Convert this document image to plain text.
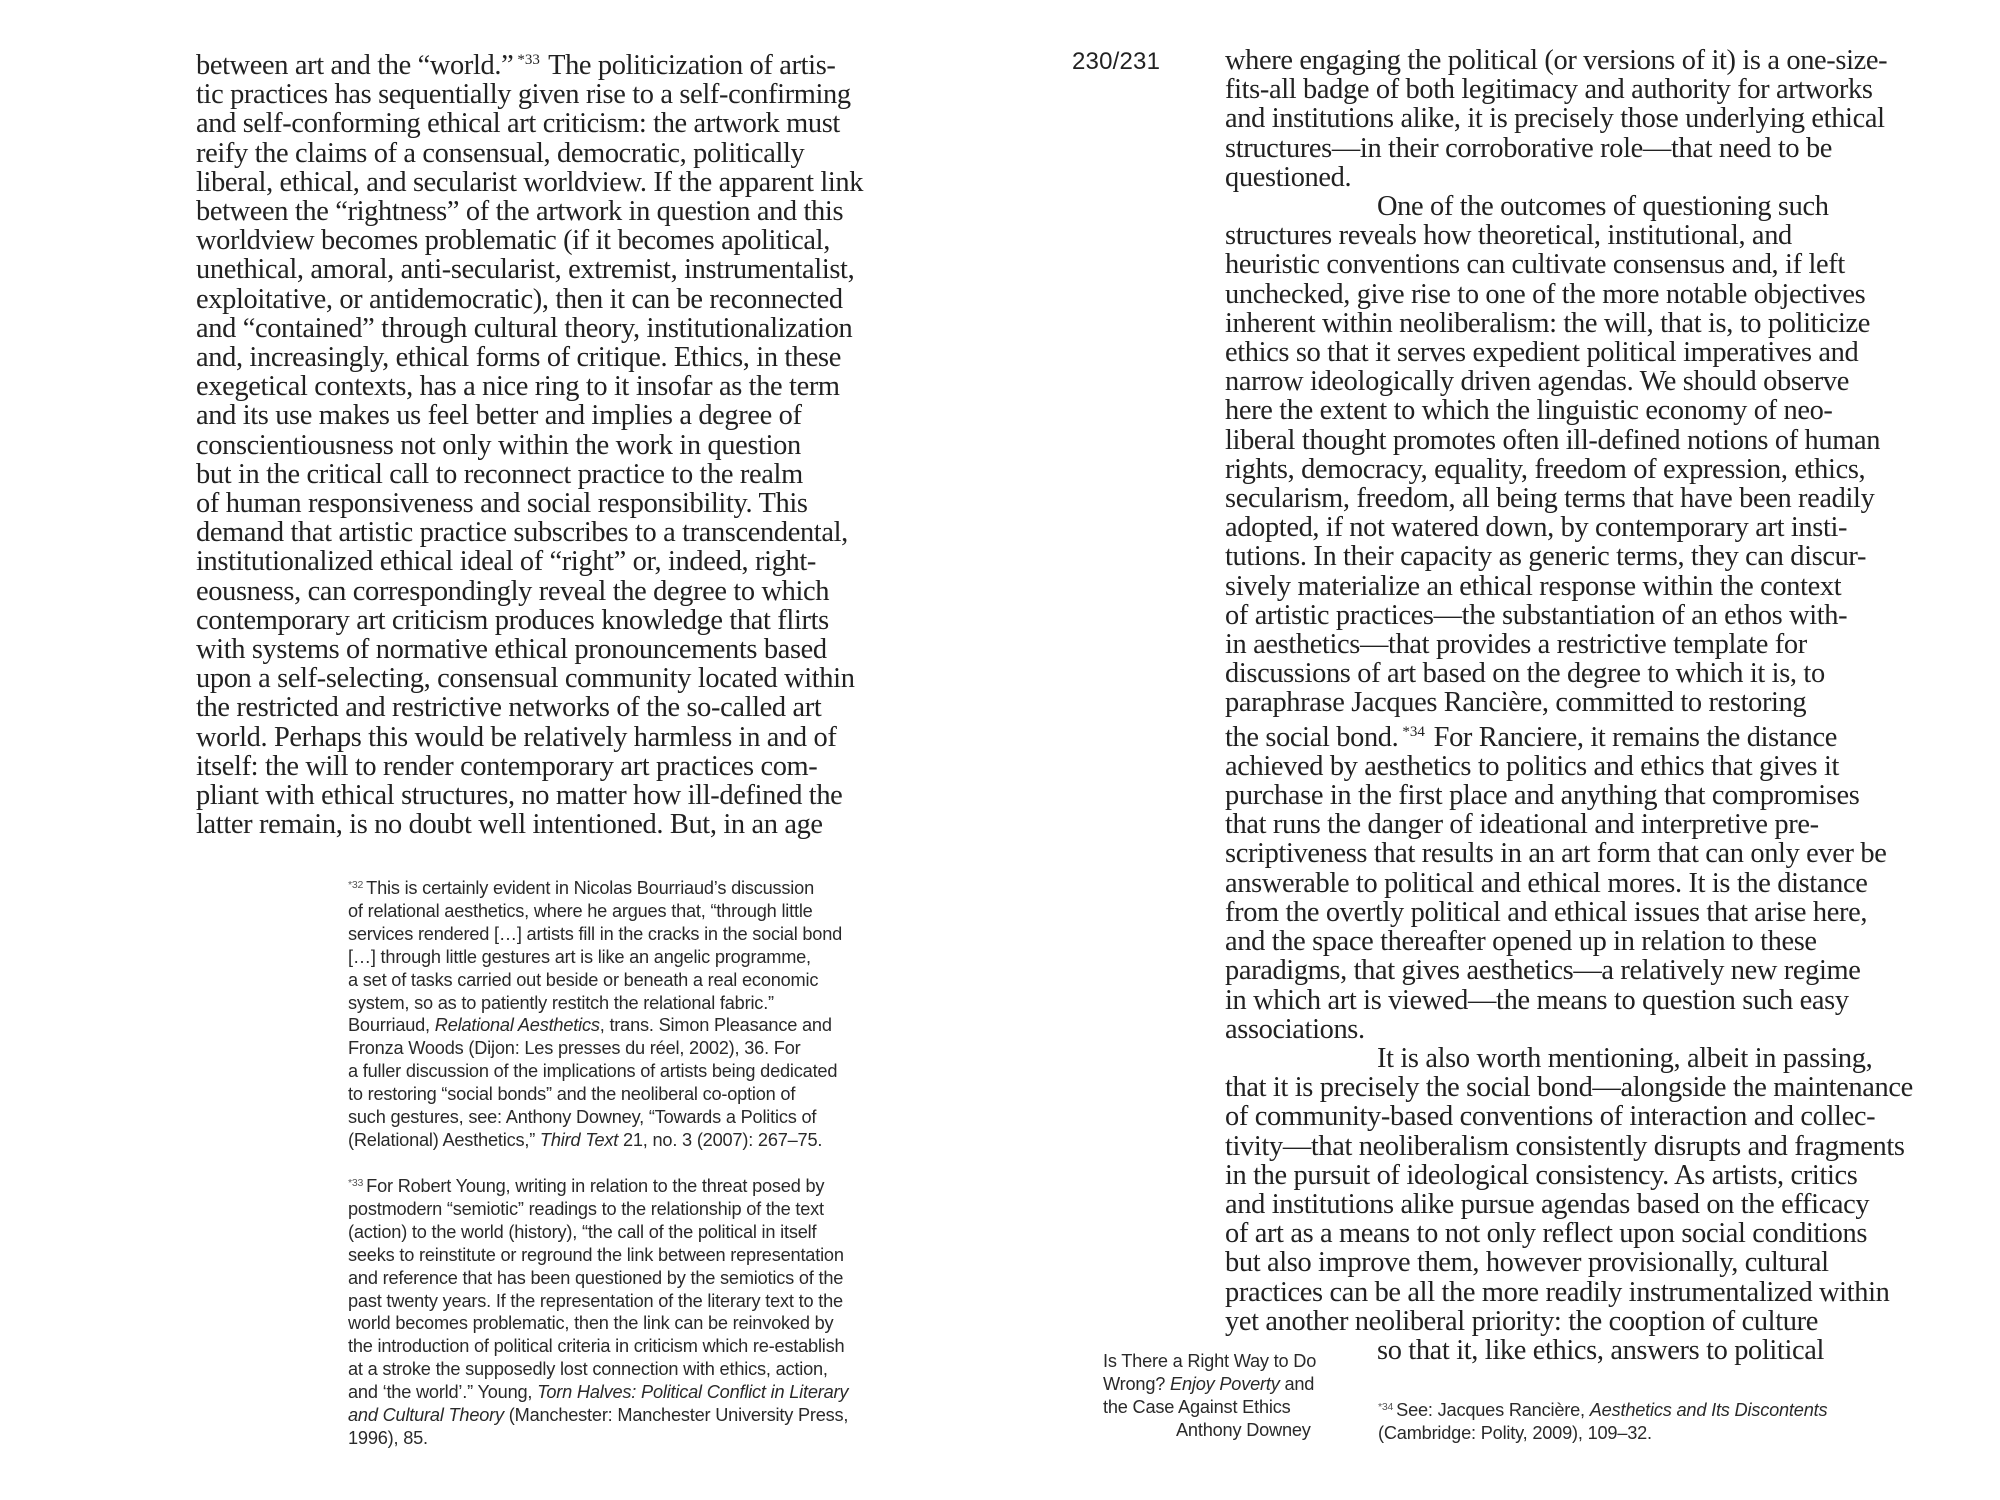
between art and the “world.” $^{*33}$ The politicization of artis-
tic practices has sequentially given rise to a self-confirming
and self-conforming ethical art criticism: the artwork must
reify the claims of a consensual, democratic, politically
liberal, ethical, and secularist worldview. If the apparent link
between the “rightness” of the artwork in question and this
worldview becomes problematic (if it becomes apolitical,
unethical, amoral, anti-secularist, extremist, instrumentalist,
exploitative, or antidemocratic), then it can be reconnected
and “contained” through cultural theory, institutionalization
and, increasingly, ethical forms of critique. Ethics, in these
exegetical contexts, has a nice ring to it insofar as the term
and its use makes us feel better and implies a degree of
conscientiousness not only within the work in question
but in the critical call to reconnect practice to the realm
of human responsiveness and social responsibility. This
demand that artistic practice subscribes to a transcendental,
institutionalized ethical ideal of “right” or, indeed, right-
eousness, can correspondingly reveal the degree to which
contemporary art criticism produces knowledge that flirts
with systems of normative ethical pronouncements based
upon a self-selecting, consensual community located within
the restricted and restrictive networks of the so-called art
world. Perhaps this would be relatively harmless in and of
itself: the will to render contemporary art practices com-
pliant with ethical structures, no matter how ill-defined the
latter remain, is no doubt well intentioned. But, in an age
$^{*32}$ This is certainly evident in Nicolas Bourriaud’s discussion
of relational aesthetics, where he argues that, “through little
services rendered […] artists fill in the cracks in the social bond
[…] through little gestures art is like an angelic programme,
a set of tasks carried out beside or beneath a real economic
system, so as to patiently restitch the relational fabric.”
Bourriaud, Relational Aesthetics, trans. Simon Pleasance and
Fronza Woods (Dijon: Les presses du réel, 2002), 36. For
a fuller discussion of the implications of artists being dedicated
to restoring “social bonds” and the neoliberal co-option of
such gestures, see: Anthony Downey, “Towards a Politics of
(Relational) Aesthetics,” Third Text 21, no. 3 (2007): 267–75.
$^{*33}$ For Robert Young, writing in relation to the threat posed by
postmodern “semiotic” readings to the relationship of the text
(action) to the world (history), “the call of the political in itself
seeks to reinstitute or reground the link between representation
and reference that has been questioned by the semiotics of the
past twenty years. If the representation of the literary text to the
world becomes problematic, then the link can be reinvoked by
the introduction of political criteria in criticism which re-establish
at a stroke the supposedly lost connection with ethics, action,
and ‘the world’.” Young, Torn Halves: Political Conflict in Literary
and Cultural Theory (Manchester: Manchester University Press,
1996), 85.
230/231 where engaging the political (or versions of it) is a one-size-
fits-all badge of both legitimacy and authority for artworks
and institutions alike, it is precisely those underlying ethical
structures—in their corroborative role—that need to be
questioned.
One of the outcomes of questioning such
structures reveals how theoretical, institutional, and
heuristic conventions can cultivate consensus and, if left
unchecked, give rise to one of the more notable objectives
inherent within neoliberalism: the will, that is, to politicize
ethics so that it serves expedient political imperatives and
narrow ideologically driven agendas. We should observe
here the extent to which the linguistic economy of neo-
liberal thought promotes often ill-defined notions of human
rights, democracy, equality, freedom of expression, ethics,
secularism, freedom, all being terms that have been readily
adopted, if not watered down, by contemporary art insti-
tutions. In their capacity as generic terms, they can discur-
sively materialize an ethical response within the context
of artistic practices—the substantiation of an ethos with-
in aesthetics—that provides a restrictive template for
discussions of art based on the degree to which it is, to
paraphrase Jacques Rancière, committed to restoring
the social bond. $^{*34}$ For Ranciere, it remains the distance
achieved by aesthetics to politics and ethics that gives it
purchase in the first place and anything that compromises
that runs the danger of ideational and interpretive pre-
scriptiveness that results in an art form that can only ever be
answerable to political and ethical mores. It is the distance
from the overtly political and ethical issues that arise here,
and the space thereafter opened up in relation to these
paradigms, that gives aesthetics—a relatively new regime
in which art is viewed—the means to question such easy
associations.
It is also worth mentioning, albeit in passing,
that it is precisely the social bond—alongside the maintenance
of community-based conventions of interaction and collec-
tivity—that neoliberalism consistently disrupts and fragments
in the pursuit of ideological consistency. As artists, critics
and institutions alike pursue agendas based on the efficacy
of art as a means to not only reflect upon social conditions
but also improve them, however provisionally, cultural
practices can be all the more readily instrumentalized within
yet another neoliberal priority: the cooption of culture
so that it, like ethics, answers to political
Is There a Right Way to Do
Wrong? Enjoy Poverty and
the Case Against Ethics
Anthony Downey
$^{*34}$ See: Jacques Rancière, Aesthetics and Its Discontents
(Cambridge: Polity, 2009), 109–32.
